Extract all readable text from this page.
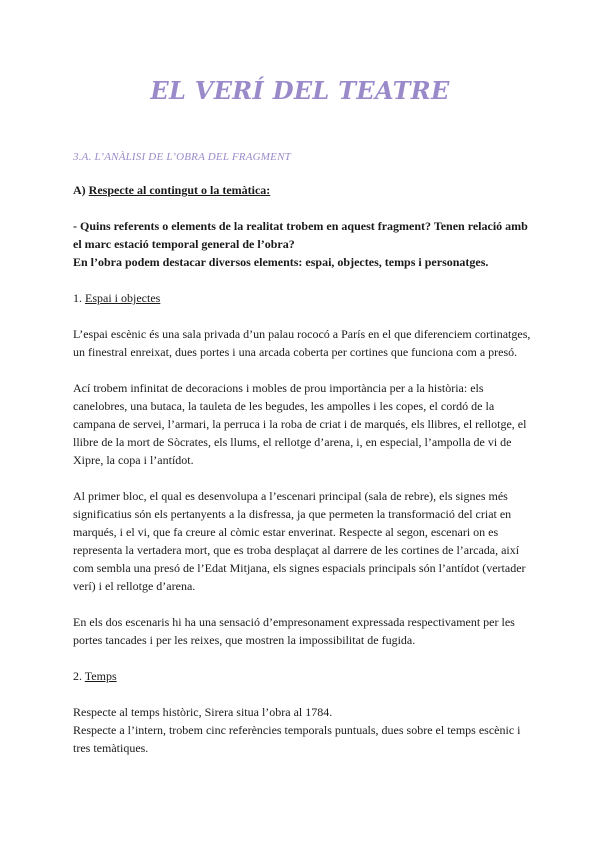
EL VERÍ DEL TEATRE

3.A. L’ANÀLISI DE L’OBRA DEL FRAGMENT

A) Respecte al contingut o la temàtica:

- Quins referents o elements de la realitat trobem en aquest fragment? Tenen relació amb el marc estació temporal general de l’obra?

En l’obra podem destacar diversos elements: espai, objectes, temps i personatges.

1. Espai i objectes

L’espai escènic és una sala privada d’un palau rococó a París en el que diferenciem cortinatges, un finestral enreixat, dues portes i una arcada coberta per cortines que funciona com a presó.

Ací trobem infinitat de decoracions i mobles de prou importància per a la història: els canelobres, una butaca, la tauleta de les begudes, les ampolles i les copes, el cordó de la campana de servei, l’armari, la perruca i la roba de criat i de marqués, els llibres, el rellotge, el llibre de la mort de Sòcrates, els llums, el rellotge d’arena, i, en especial, l’ampolla de vi de Xipre, la copa i l’antídot.

Al primer bloc, el qual es desenvolupa a l’escenari principal (sala de rebre), els signes més significatius són els pertanyents a la disfressa, ja que permeten la transformació del criat en marqués, i el vi, que fa creure al còmic estar enverinat. Respecte al segon, escenari on es representa la vertadera mort, que es troba desplaçat al darrere de les cortines de l’arcada, així com sembla una presó de l’Edat Mitjana, els signes espacials principals són l’antídot (vertader verí) i el rellotge d’arena.

En els dos escenaris hi ha una sensació d’empresonament expressada respectivament per les portes tancades i per les reixes, que mostren la impossibilitat de fugida.

2. Temps

Respecte al temps històric, Sirera situa l’obra al 1784.

Respecte a l’intern, trobem cinc referències temporals puntuals, dues sobre el temps escènic i tres temàtiques.
